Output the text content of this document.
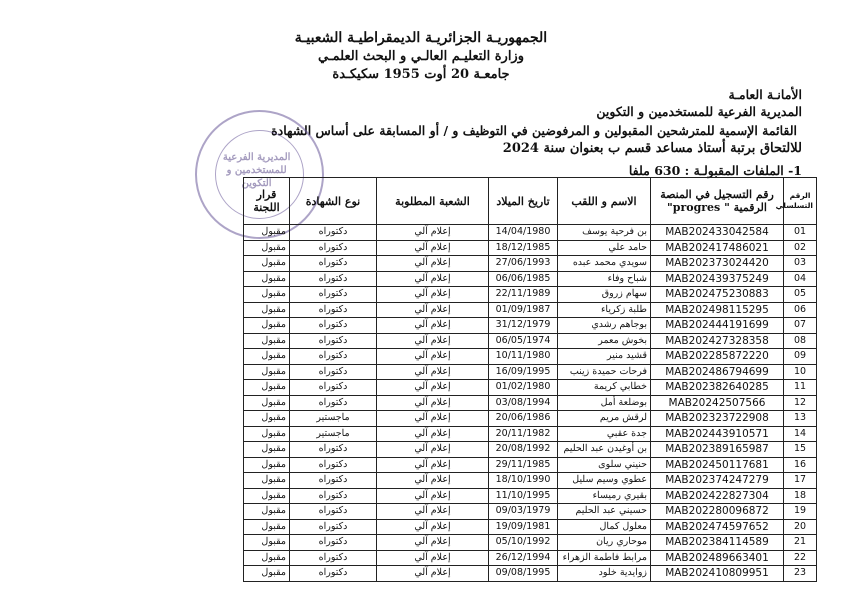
الجمهوريـة الجزائريـة الديمقراطيـة الشعبيـة
وزارة التعليـم العالـي و البحث العلمـي
جامعـة 20 أوت 1955 سكيكـدة
الأمانـة العامـة
المديرية الفرعية للمستخدمين و التكوين
القائمة الإسمية للمترشحين المقبولين و المرفوضين في التوظيف و / أو المسابقة على أساس الشهادة
للالتحاق برتبة أستاذ مساعد قسم ب بعنوان سنة 2024
1- الملفات المقبولـة : 630 ملفا
المديرية الفرعية للمستخدمين و التكوين
الرقم التسلسلي	رقم التسجيل في المنصة الرقمية " progres"	الاسم و اللقب	تاريخ الميلاد	الشعبة المطلوبة	نوع الشهادة	قرار اللجنة
01	MAB202433042584	بن فرحية يوسف	14/04/1980	إعلام آلي	دكتوراه	مقبول
02	MAB202417486021	حامد علي	18/12/1985	إعلام آلي	دكتوراه	مقبول
03	MAB202373024420	سويدي محمد عبده	27/06/1993	إعلام آلي	دكتوراه	مقبول
04	MAB202439375249	شباح وفاء	06/06/1985	إعلام آلي	دكتوراه	مقبول
05	MAB202475230883	سهام زروق	22/11/1989	إعلام آلي	دكتوراه	مقبول
06	MAB202498115295	طلبة زكرياء	01/09/1987	إعلام آلي	دكتوراه	مقبول
07	MAB202444191699	بوجاهم رشدي	31/12/1979	إعلام آلي	دكتوراه	مقبول
08	MAB202427328358	بخوش معمر	06/05/1974	إعلام آلي	دكتوراه	مقبول
09	MAB202285872220	قشيد منير	10/11/1980	إعلام آلي	دكتوراه	مقبول
10	MAB202486794699	فرحات حميدة زينب	16/09/1995	إعلام آلي	دكتوراه	مقبول
11	MAB202382640285	خطابي كريمة	01/02/1980	إعلام آلي	دكتوراه	مقبول
12	MAB20242507566	بوضلعة أمل	03/08/1994	إعلام آلي	دكتوراه	مقبول
13	MAB202323722908	لرقش مريم	20/06/1986	إعلام آلي	ماجستير	مقبول
14	MAB202443910571	جدة عقبي	20/11/1982	إعلام آلي	ماجستير	مقبول
15	MAB202389165987	بن أوغيدن عبد الحليم	20/08/1992	إعلام آلي	دكتوراه	مقبول
16	MAB202450117681	حنيني سلوى	29/11/1985	إعلام آلي	دكتوراه	مقبول
17	MAB202374247279	عطوي وسيم سليل	18/10/1990	إعلام آلي	دكتوراه	مقبول
18	MAB202422827304	بقيري رميساء	11/10/1995	إعلام آلي	دكتوراه	مقبول
19	MAB202280096872	حسيني عبد الحليم	09/03/1979	إعلام آلي	دكتوراه	مقبول
20	MAB202474597652	معلول كمال	19/09/1981	إعلام آلي	دكتوراه	مقبول
21	MAB202384114589	موحاري ريان	05/10/1992	إعلام آلي	دكتوراه	مقبول
22	MAB202489663401	مرابط فاطمة الزهراء	26/12/1994	إعلام آلي	دكتوراه	مقبول
23	MAB202410809951	زوايدية خلود	09/08/1995	إعلام آلي	دكتوراه	مقبول
